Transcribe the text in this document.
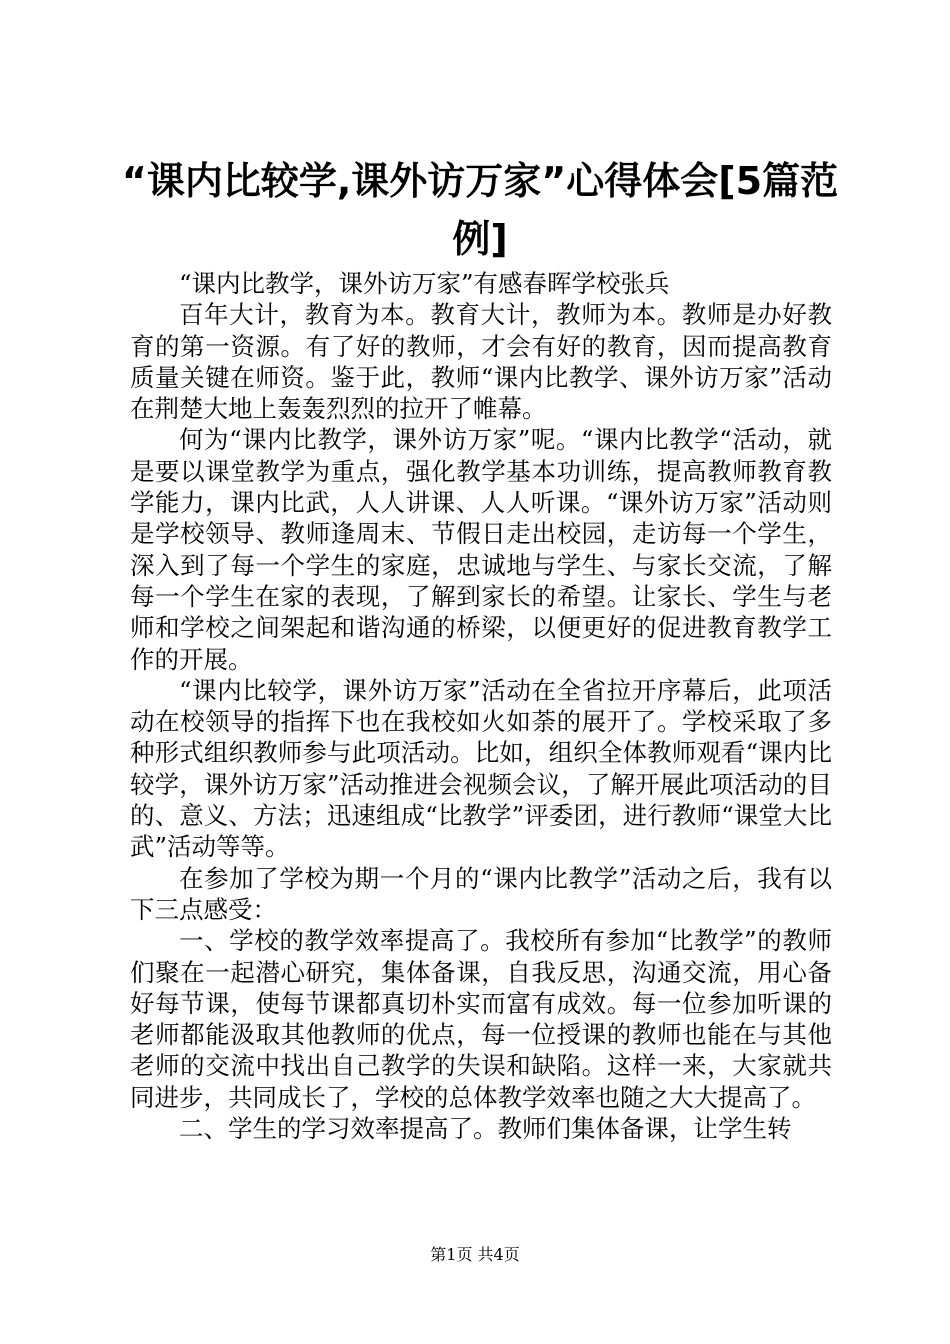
“课内比较学,课外访万家”心得体会[5篇范例]

“课内比教学，课外访万家”有感春晖学校张兵

百年大计，教育为本。教育大计，教师为本。教师是办好教育的第一资源。有了好的教师，才会有好的教育，因而提高教育质量关键在师资。鉴于此，教师“课内比教学、课外访万家”活动在荆楚大地上轰轰烈烈的拉开了帷幕。

何为“课内比教学，课外访万家”呢。“课内比教学“活动，就是要以课堂教学为重点，强化教学基本功训练，提高教师教育教学能力，课内比武，人人讲课、人人听课。“课外访万家”活动则是学校领导、教师逢周末、节假日走出校园，走访每一个学生，深入到了每一个学生的家庭，忠诚地与学生、与家长交流，了解每一个学生在家的表现，了解到家长的希望。让家长、学生与老师和学校之间架起和谐沟通的桥梁，以便更好的促进教育教学工作的开展。

“课内比较学，课外访万家”活动在全省拉开序幕后，此项活动在校领导的指挥下也在我校如火如荼的展开了。学校采取了多种形式组织教师参与此项活动。比如，组织全体教师观看“课内比较学，课外访万家”活动推进会视频会议，了解开展此项活动的目的、意义、方法；迅速组成“比教学”评委团，进行教师“课堂大比武”活动等等。

在参加了学校为期一个月的“课内比教学”活动之后，我有以下三点感受：

一、学校的教学效率提高了。我校所有参加“比教学”的教师们聚在一起潜心研究，集体备课，自我反思，沟通交流，用心备好每节课，使每节课都真切朴实而富有成效。每一位参加听课的老师都能汲取其他教师的优点，每一位授课的教师也能在与其他老师的交流中找出自己教学的失误和缺陷。这样一来，大家就共同进步，共同成长了，学校的总体教学效率也随之大大提高了。

二、学生的学习效率提高了。教师们集体备课，让学生转

第1页 共4页
